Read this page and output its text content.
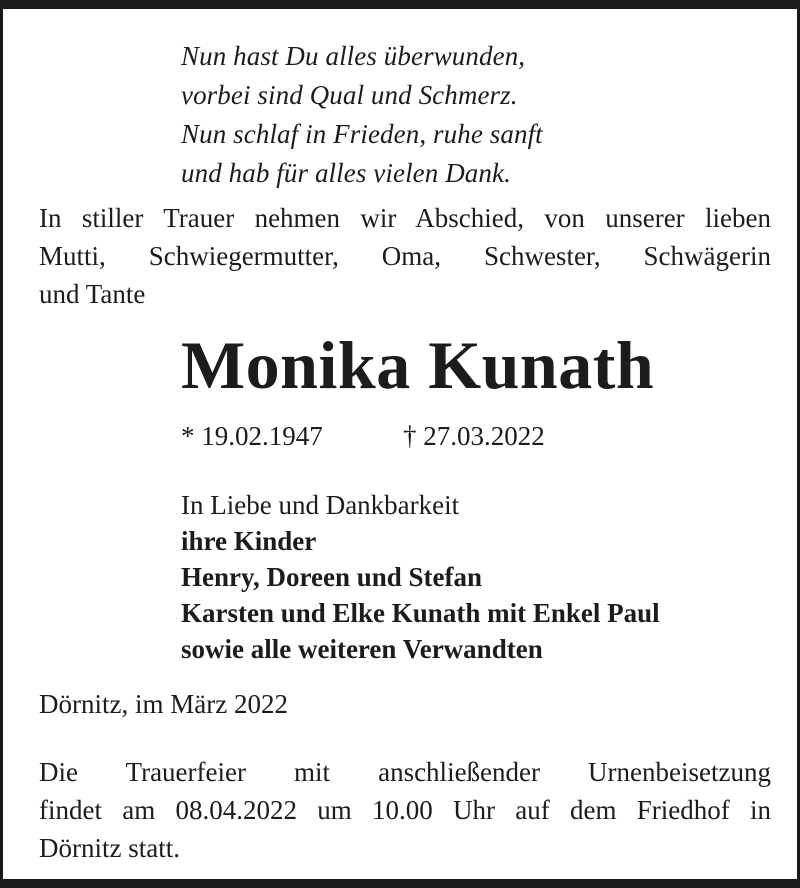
Nun hast Du alles überwunden,
vorbei sind Qual und Schmerz.
Nun schlaf in Frieden, ruhe sanft
und hab für alles vielen Dank.
In stiller Trauer nehmen wir Abschied, von unserer lieben
Mutti, Schwiegermutter, Oma, Schwester, Schwägerin
und Tante
Monika Kunath
* 19.02.1947	† 27.03.2022
In Liebe und Dankbarkeit
ihre Kinder
Henry, Doreen und Stefan
Karsten und Elke Kunath mit Enkel Paul
sowie alle weiteren Verwandten
Dörnitz, im März 2022
Die Trauerfeier mit anschließender Urnenbeisetzung
findet am 08.04.2022 um 10.00 Uhr auf dem Friedhof in
Dörnitz statt.
